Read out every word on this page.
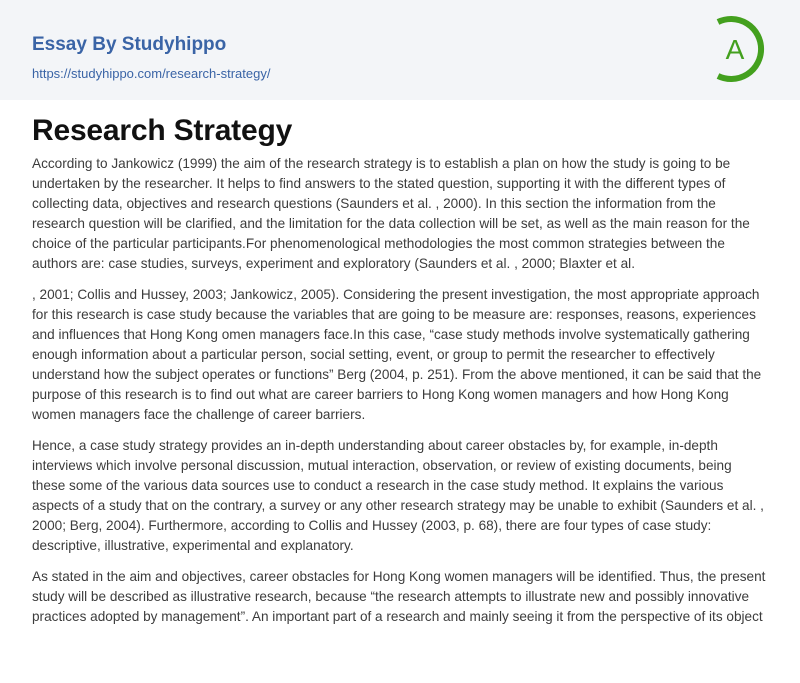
Essay By Studyhippo
https://studyhippo.com/research-strategy/
A
Research Strategy

According to Jankowicz (1999) the aim of the research strategy is to establish a plan on how the study is going to be undertaken by the researcher. It helps to find answers to the stated question, supporting it with the different types of collecting data, objectives and research questions (Saunders et al. , 2000). In this section the information from the research question will be clarified, and the limitation for the data collection will be set, as well as the main reason for the choice of the particular participants.For phenomenological methodologies the most common strategies between the authors are: case studies, surveys, experiment and exploratory (Saunders et al. , 2000; Blaxter et al.

, 2001; Collis and Hussey, 2003; Jankowicz, 2005). Considering the present investigation, the most appropriate approach for this research is case study because the variables that are going to be measure are: responses, reasons, experiences and influences that Hong Kong omen managers face.In this case, “case study methods involve systematically gathering enough information about a particular person, social setting, event, or group to permit the researcher to effectively understand how the subject operates or functions” Berg (2004, p. 251). From the above mentioned, it can be said that the purpose of this research is to find out what are career barriers to Hong Kong women managers and how Hong Kong women managers face the challenge of career barriers.

Hence, a case study strategy provides an in-depth understanding about career obstacles by, for example, in-depth interviews which involve personal discussion, mutual interaction, observation, or review of existing documents, being these some of the various data sources use to conduct a research in the case study method. It explains the various aspects of a study that on the contrary, a survey or any other research strategy may be unable to exhibit (Saunders et al. , 2000; Berg, 2004). Furthermore, according to Collis and Hussey (2003, p. 68), there are four types of case study: descriptive, illustrative, experimental and explanatory.

As stated in the aim and objectives, career obstacles for Hong Kong women managers will be identified. Thus, the present study will be described as illustrative research, because “the research attempts to illustrate new and possibly innovative practices adopted by management”. An important part of a research and mainly seeing it from the perspective of its object
